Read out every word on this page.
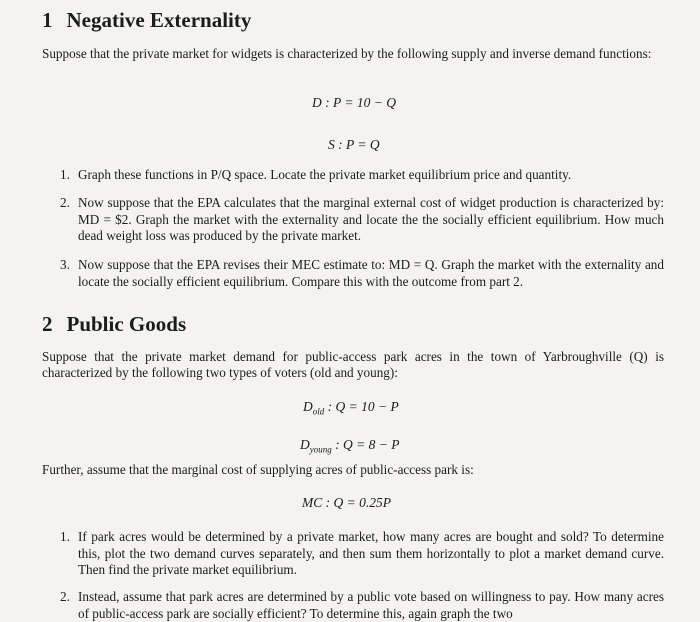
1 Negative Externality
Suppose that the private market for widgets is characterized by the following supply and inverse demand functions:
D : P = 10 − Q
S : P = Q
1. Graph these functions in P/Q space. Locate the private market equilibrium price and quantity.
2. Now suppose that the EPA calculates that the marginal external cost of widget production is characterized by: MD = $2. Graph the market with the externality and locate the the socially efficient equilibrium. How much dead weight loss was produced by the private market.
3. Now suppose that the EPA revises their MEC estimate to: MD = Q. Graph the market with the externality and locate the socially efficient equilibrium. Compare this with the outcome from part 2.
2 Public Goods
Suppose that the private market demand for public-access park acres in the town of Yarbroughville (Q) is characterized by the following two types of voters (old and young):
$D_{old}$ : Q = 10 − P
$D_{young}$ : Q = 8 − P
Further, assume that the marginal cost of supplying acres of public-access park is:
MC : Q = 0.25P
1. If park acres would be determined by a private market, how many acres are bought and sold? To determine this, plot the two demand curves separately, and then sum them horizontally to plot a market demand curve. Then find the private market equilibrium.
2. Instead, assume that park acres are determined by a public vote based on willingness to pay. How many acres of public-access park are socially efficient? To determine this, again graph the two
